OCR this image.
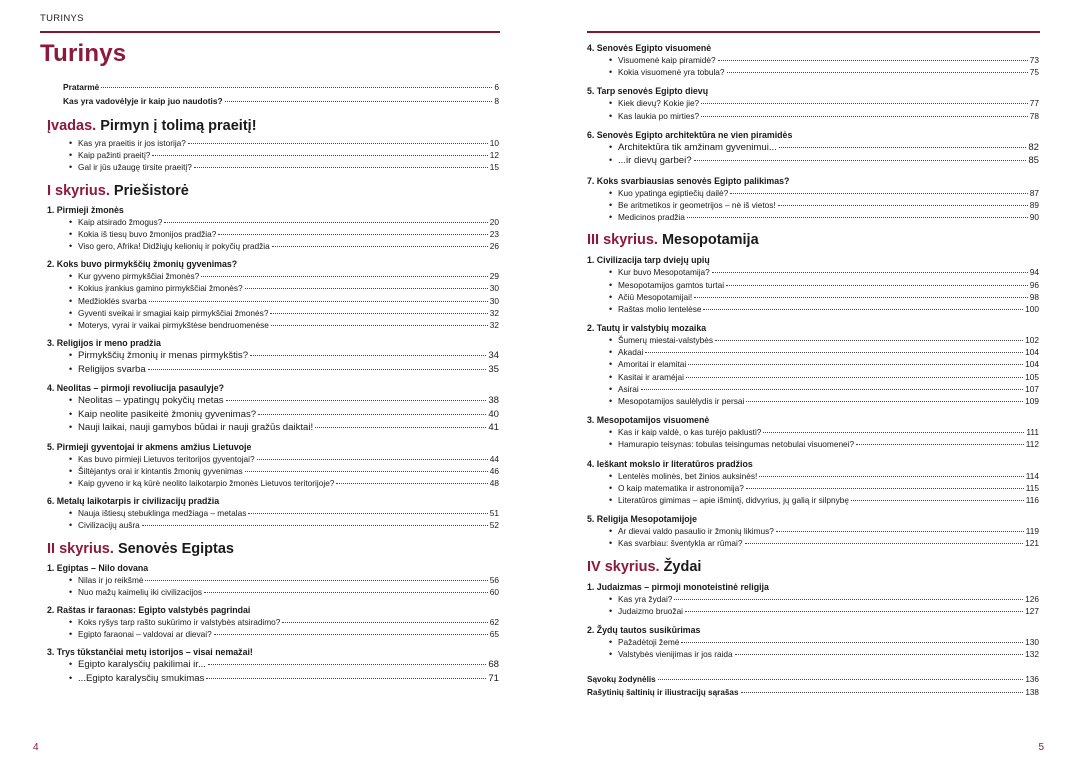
TURINYS
Turinys
Pratarmė	6
Kas yra vadovėlyje ir kaip juo naudotis?	8
Įvadas. Pirmyn į tolimą praeitį!
• Kas yra praeitis ir jos istorija?	10
• Kaip pažinti praeitį?	12
• Gal ir jūs užaugę tirsite praeitį?	15
I skyrius. Priešistorė
1. Pirmieji žmonės
• Kaip atsirado žmogus?	20
• Kokia iš tiesų buvo žmonijos pradžia?	23
• Viso gero, Afrika! Didžiųjų kelionių ir pokyčių pradžia	26
2. Koks buvo pirmykščių žmonių gyvenimas?
• Kur gyveno pirmykščiai žmonės?	29
• Kokius įrankius gamino pirmykščiai žmonės?	30
• Medžioklės svarba	30
• Gyventi sveikai ir smagiai kaip pirmykščiai žmonės?	32
• Moterys, vyrai ir vaikai pirmykštėse bendruomenėse	32
3. Religijos ir meno pradžia
• Pirmykščių žmonių ir menas pirmykštis?	34
• Religijos svarba	35
4. Neolitas – pirmoji revoliucija pasaulyje?
• Neolitas – ypatingų pokyčių metas	38
• Kaip neolite pasikeitė žmonių gyvenimas?	40
• Nauji laikai, nauji gamybos būdai ir nauji gražūs daiktai!	41
5. Pirmieji gyventojai ir akmens amžius Lietuvoje
• Kas buvo pirmieji Lietuvos teritorijos gyventojai?	44
• Šiltėjantys orai ir kintantis žmonių gyvenimas	46
• Kaip gyveno ir ką kūrė neolito laikotarpio žmonės Lietuvos teritorijoje?	48
6. Metalų laikotarpis ir civilizacijų pradžia
• Nauja ištiesų stebuklinga medžiaga – metalas	51
• Civilizacijų aušra	52
II skyrius. Senovės Egiptas
1. Egiptas – Nilo dovana
• Nilas ir jo reikšmė	56
• Nuo mažų kaimelių iki civilizacijos	60
2. Raštas ir faraonas: Egipto valstybės pagrindai
• Koks ryšys tarp rašto sukūrimo ir valstybės atsiradimo?	62
• Egipto faraonai – valdovai ar dievai?	65
3. Trys tūkstančiai metų istorijos – visai nemažai!
• Egipto karalysčių pakilimai ir...	68
• ...Egipto karalysčių smukimas	71
4
4. Senovės Egipto visuomenė
• Visuomenė kaip piramidė?	73
• Kokia visuomenė yra tobula?	75
5. Tarp senovės Egipto dievų
• Kiek dievų? Kokie jie?	77
• Kas laukia po mirties?	78
6. Senovės Egipto architektūra ne vien piramidės
• Architektūra tik amžinam gyvenimui...	82
• ...ir dievų garbei?	85
7. Koks svarbiausias senovės Egipto palikimas?
• Kuo ypatinga egiptiečių dailė?	87
• Be aritmetikos ir geometrijos – nė iš vietos!	89
• Medicinos pradžia	90
III skyrius. Mesopotamija
1. Civilizacija tarp dviejų upių
• Kur buvo Mesopotamija?	94
• Mesopotamijos gamtos turtai	96
• Ačiū Mesopotamijai!	98
• Raštas molio lentelėse	100
2. Tautų ir valstybių mozaika
• Šumerų miestai-valstybės	102
• Akadai	104
• Amoritai ir elamitai	104
• Kasitai ir aramėjai	105
• Asirai	107
• Mesopotamijos saulėlydis ir persai	109
3. Mesopotamijos visuomenė
• Kas ir kaip valdė, o kas turėjo paklusti?	111
• Hamurapio teisynas: tobulas teisingumas netobulai visuomenei?	112
4. Ieškant mokslo ir literatūros pradžios
• Lentelės molinės, bet žinios auksinės!	114
• O kaip matematika ir astronomija?	115
• Literatūros gimimas – apie išmintį, didvyrius, jų galią ir silpnybę	116
5. Religija Mesopotamijoje
• Ar dievai valdo pasaulio ir žmonių likimus?	119
• Kas svarbiau: šventykla ar rūmai?	121
IV skyrius. Žydai
1. Judaizmas – pirmoji monoteistinė religija
• Kas yra žydai?	126
• Judaizmo bruožai	127
2. Žydų tautos susikūrimas
• Pažadėtoji žemė	130
• Valstybės vienijimas ir jos raida	132
Sąvokų žodynėlis	136
Rašytinių šaltinių ir iliustracijų sąrašas	138
5
